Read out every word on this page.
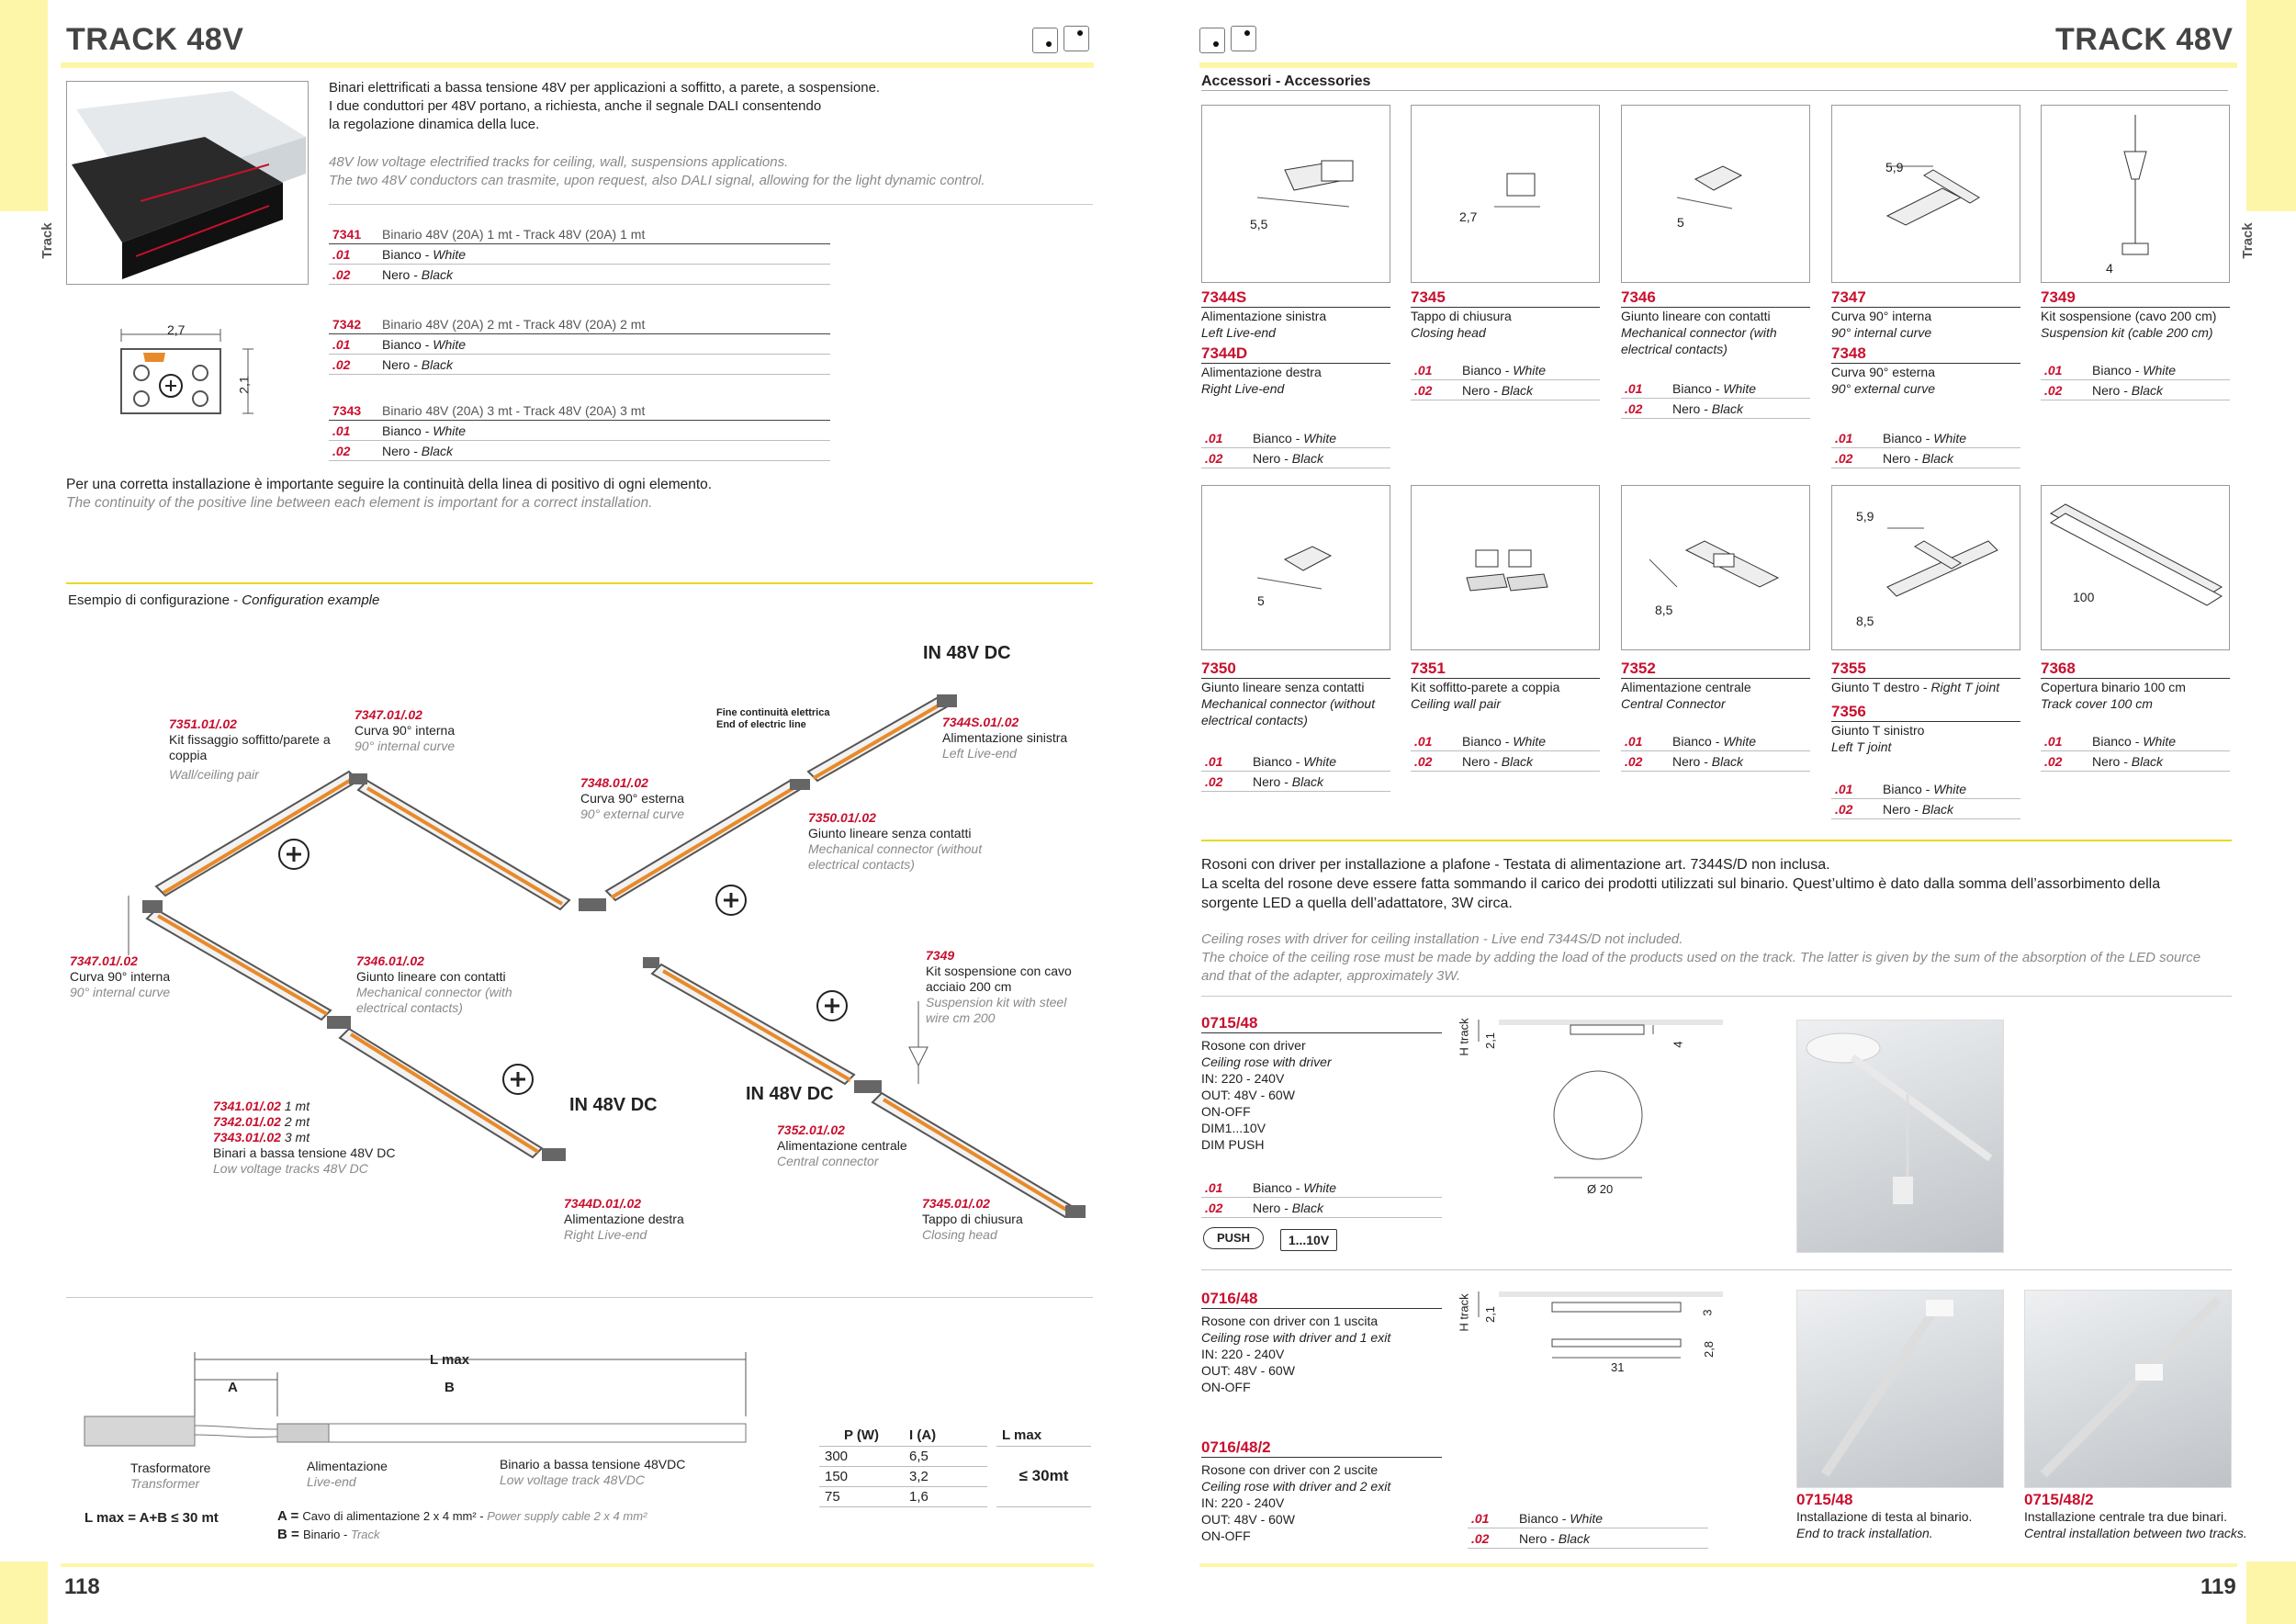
Track
TRACK 48V
2,7
2,1
Binari elettrificati a bassa tensione 48V per applicazioni a soffitto, a parete, a sospensione.
I due conduttori per 48V portano, a richiesta, anche il segnale DALI consentendo
la regolazione dinamica della luce.
48V low voltage electrified tracks for ceiling, wall, suspensions applications.
The two 48V conductors can trasmite, upon request, also DALI signal, allowing for the light dynamic control.
7341 Binario 48V (20A) 1 mt - Track 48V (20A) 1 mt
.01 Bianco - White
.02 Nero - Black
7342 Binario 48V (20A) 2 mt - Track 48V (20A) 2 mt
.01 Bianco - White
.02 Nero - Black
7343 Binario 48V (20A) 3 mt - Track 48V (20A) 3 mt
.01 Bianco - White
.02 Nero - Black
Per una corretta installazione è importante seguire la continuità della linea di positivo di ogni elemento.
The continuity of the positive line between each element is important for a correct installation.
Esempio di configurazione - Configuration example
IN 48V DC
IN 48V DC
IN 48V DC
7351.01/.02
Kit fissaggio soffitto/parete a coppia
Wall/ceiling pair
7347.01/.02
Curva 90° interna
90° internal curve
7348.01/.02
Curva 90° esterna
90° external curve
Fine continuità elettrica
End of electric line	7344S.01/.02
Alimentazione sinistra
Left Live-end
7350.01/.02
Giunto lineare senza contatti
Mechanical connector (without electrical contacts)
7347.01/.02
Curva 90° interna
90° internal curve
7346.01/.02
Giunto lineare con contatti
Mechanical connector (with electrical contacts)
7349
Kit sospensione con cavo acciaio 200 cm
Suspension kit with steel wire cm 200
7341.01/.02 1 mt
7342.01/.02 2 mt
7343.01/.02 3 mt
Binari a bassa tensione 48V DC
Low voltage tracks 48V DC
7352.01/.02
Alimentazione centrale
Central connector
7344D.01/.02
Alimentazione destra
Right Live-end
7345.01/.02
Tappo di chiusura
Closing head
L max
A	B
Trasformatore
Transformer
Alimentazione
Live-end
Binario a bassa tensione 48VDC
Low voltage track 48VDC
L max = A+B ≤ 30 mt	A = Cavo di alimentazione 2 x 4 mm² - Power supply cable 2 x 4 mm²
B = Binario - Track
P (W)	I (A)	L max
300	6,5	≤ 30mt
150	3,2	
75	1,6	
118
Track
TRACK 48V
Accessori - Accessories
5,5
7344S
Alimentazione sinistra
Left Live-end
7344D
Alimentazione destra
Right Live-end
.01 Bianco - White
.02 Nero - Black
2,7
7345
Tappo di chiusura
Closing head
.01 Bianco - White
.02 Nero - Black
5
7346
Giunto lineare con contatti
Mechanical connector (with electrical contacts)
.01 Bianco - White
.02 Nero - Black
5,9
7347
Curva 90° interna
90° internal curve
7348
Curva 90° esterna
90° external curve
.01 Bianco - White
.02 Nero - Black
4
7349
Kit sospensione (cavo 200 cm)
Suspension kit (cable 200 cm)
.01 Bianco - White
.02 Nero - Black
5
7350
Giunto lineare senza contatti
Mechanical connector (without electrical contacts)
.01 Bianco - White
.02 Nero - Black
7351
Kit soffitto-parete a coppia
Ceiling wall pair
.01 Bianco - White
.02 Nero - Black
8,5
7352
Alimentazione centrale
Central Connector
.01 Bianco - White
.02 Nero - Black
5,9
8,5
7355
Giunto T destro - Right T joint
7356
Giunto T sinistro
Left T joint
.01 Bianco - White
.02 Nero - Black
100
7368
Copertura binario 100 cm
Track cover 100 cm
.01 Bianco - White
.02 Nero - Black
Rosoni con driver per installazione a plafone - Testata di alimentazione art. 7344S/D non inclusa.
La scelta del rosone deve essere fatta sommando il carico dei prodotti utilizzati sul binario. Quest’ultimo è dato dalla somma dell’assorbimento della
sorgente LED a quella dell’adattatore, 3W circa.
Ceiling roses with driver for ceiling installation - Live end 7344S/D not included.
The choice of the ceiling rose must be made by adding the load of the products used on the track. The latter is given by the sum of the absorption of the LED source
and that of the adapter, approximately 3W.
0715/48
Rosone con driver
Ceiling rose with driver
IN: 220 - 240V
OUT: 48V - 60W
ON-OFF
DIM1...10V
DIM PUSH
.01 Bianco - White
.02 Nero - Black
PUSH	1...10V
H track 2,1	4
Ø 20
0716/48
Rosone con driver con 1 uscita
Ceiling rose with driver and 1 exit
IN: 220 - 240V
OUT: 48V - 60W
ON-OFF
H track 2,1	3
2,8
31
0716/48/2
Rosone con driver con 2 uscite
Ceiling rose with driver and 2 exit
IN: 220 - 240V
OUT: 48V - 60W
ON-OFF
.01 Bianco - White
.02 Nero - Black
0715/48
Installazione di testa al binario.
End to track installation.
0715/48/2
Installazione centrale tra due binari.
Central installation between two tracks.
119
